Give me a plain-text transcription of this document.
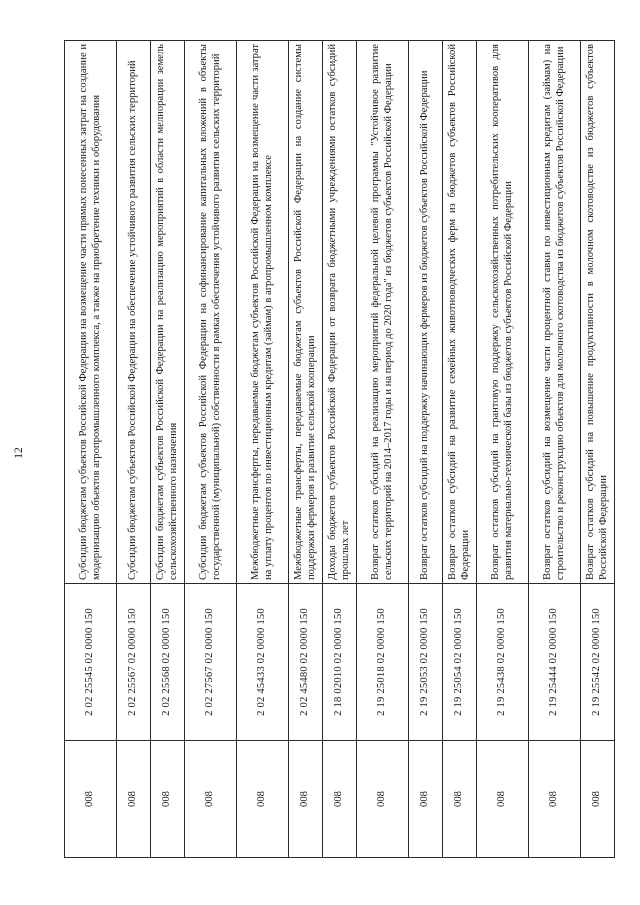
12
008	2 02 25545 02 0000 150	Субсидии бюджетам субъектов Российской Федерации на возмещение части прямых понесенных затрат на создание и модернизацию объектов агропромышленного комплекса, а также на приобретение техники и оборудования
008	2 02 25567 02 0000 150	Субсидии бюджетам субъектов Российской Федерации на обеспечение устойчивого развития сельских территорий
008	2 02 25568 02 0000 150	Субсидии бюджетам субъектов Российской Федерации на реализацию мероприятий в области мелиорации земель сельскохозяйственного назначения
008	2 02 27567 02 0000 150	Субсидии бюджетам субъектов Российской Федерации на софинансирование капитальных вложений в объекты государственной (муниципальной) собственности в рамках обеспечения устойчивого развития сельских территорий
008	2 02 45433 02 0000 150	Межбюджетные трансферты, передаваемые бюджетам субъектов Российской Федерации на возмещение части затрат на уплату процентов по инвестиционным кредитам (займам) в агропромышленном комплексе
008	2 02 45480 02 0000 150	Межбюджетные трансферты, передаваемые бюджетам субъектов Российской Федерации на создание системы поддержки фермеров и развитие сельской кооперации
008	2 18 02010 02 0000 150	Доходы бюджетов субъектов Российской Федерации от возврата бюджетными учреждениями остатков субсидий прошлых лет
008	2 19 25018 02 0000 150	Возврат остатков субсидий на реализацию мероприятий федеральной целевой программы "Устойчивое развитие сельских территорий на 2014–2017 годы и на период до 2020 года" из бюджетов субъектов Российской Федерации
008	2 19 25053 02 0000 150	Возврат остатков субсидий на поддержку начинающих фермеров из бюджетов субъектов Российской Федерации
008	2 19 25054 02 0000 150	Возврат остатков субсидий на развитие семейных животноводческих ферм из бюджетов субъектов Российской Федерации
008	2 19 25438 02 0000 150	Возврат остатков субсидий на грантовую поддержку сельскохозяйственных потребительских кооперативов для развития материально-технической базы из бюджетов субъектов Российской Федерации
008	2 19 25444 02 0000 150	Возврат остатков субсидий на возмещение части процентной ставки по инвестиционным кредитам (займам) на строительство и реконструкцию объектов для молочного скотоводства из бюджетов субъектов Российской Федерации
008	2 19 25542 02 0000 150	Возврат остатков субсидий на повышение продуктивности в молочном скотоводстве из бюджетов субъектов Российской Федерации
